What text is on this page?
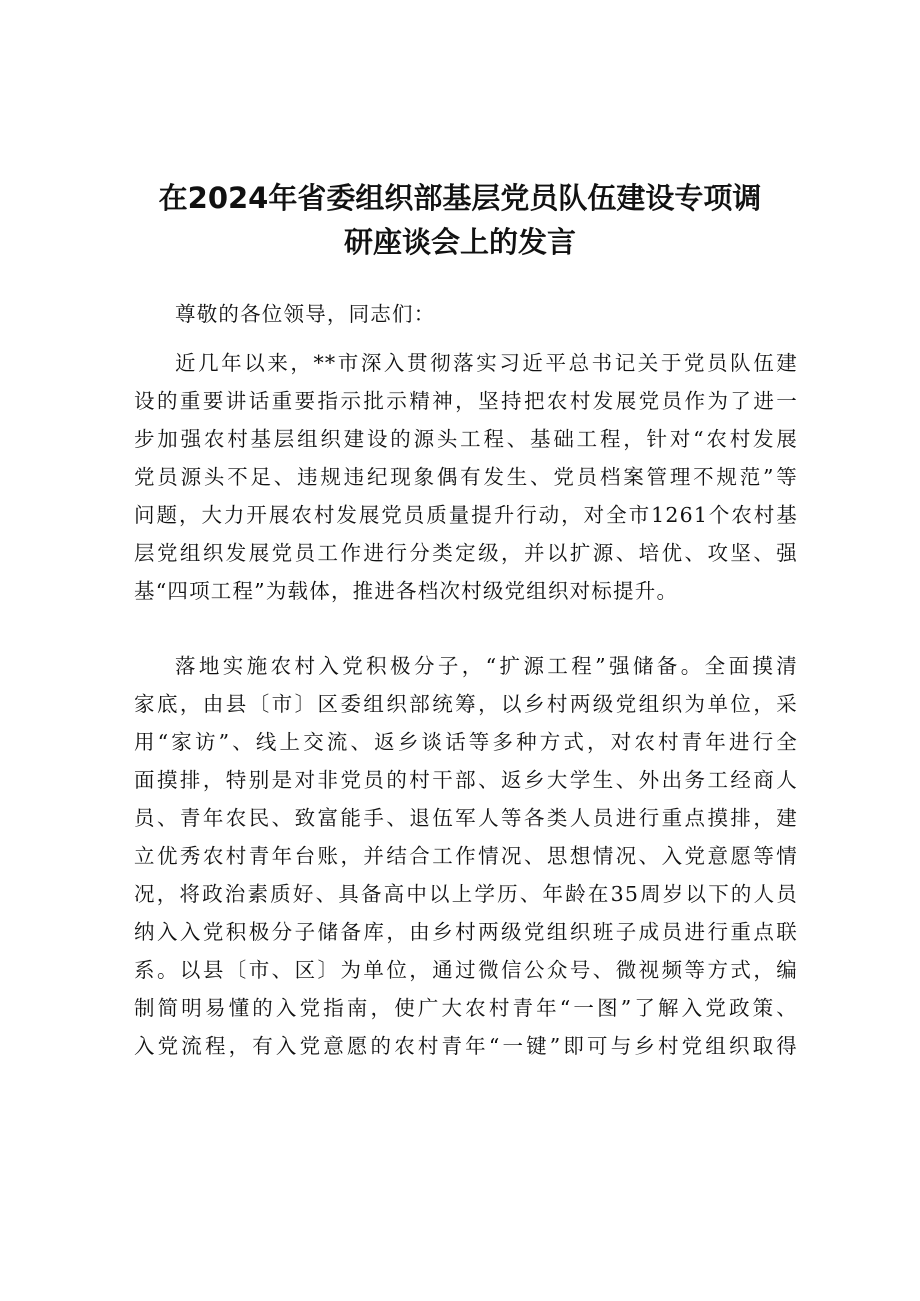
在2024年省委组织部基层党员队伍建设专项调
研座谈会上的发言
尊敬的各位领导，同志们：
近几年以来，**市深入贯彻落实习近平总书记关于党员队伍建
设的重要讲话重要指示批示精神，坚持把农村发展党员作为了进一
步加强农村基层组织建设的源头工程、基础工程，针对“农村发展
党员源头不足、违规违纪现象偶有发生、党员档案管理不规范”等
问题，大力开展农村发展党员质量提升行动，对全市1261个农村基
层党组织发展党员工作进行分类定级，并以扩源、培优、攻坚、强
基“四项工程”为载体，推进各档次村级党组织对标提升。
落地实施农村入党积极分子，“扩源工程”强储备。全面摸清
家底，由县〔市〕区委组织部统筹，以乡村两级党组织为单位，采
用“家访”、线上交流、返乡谈话等多种方式，对农村青年进行全
面摸排，特别是对非党员的村干部、返乡大学生、外出务工经商人
员、青年农民、致富能手、退伍军人等各类人员进行重点摸排，建
立优秀农村青年台账，并结合工作情况、思想情况、入党意愿等情
况，将政治素质好、具备高中以上学历、年龄在35周岁以下的人员
纳入入党积极分子储备库，由乡村两级党组织班子成员进行重点联
系。以县〔市、区〕为单位，通过微信公众号、微视频等方式，编
制简明易懂的入党指南，使广大农村青年“一图”了解入党政策、
入党流程，有入党意愿的农村青年“一键”即可与乡村党组织取得
